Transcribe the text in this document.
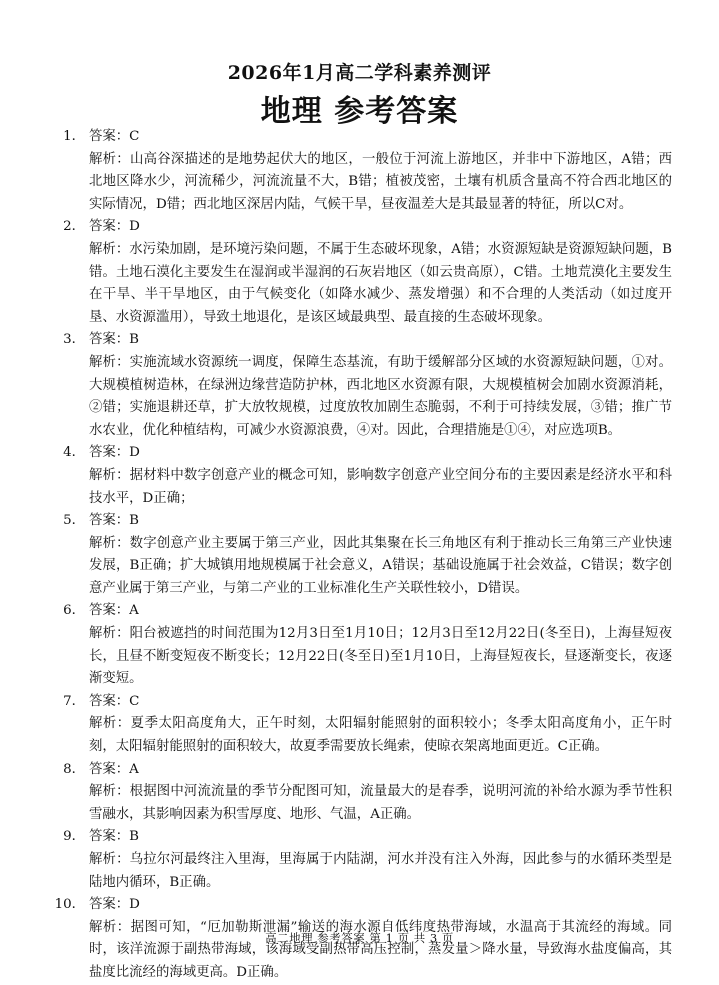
2026年1月高二学科素养测评
地理 参考答案
1． 答案：C
解析：山高谷深描述的是地势起伏大的地区，一般位于河流上游地区，并非中下游地区，A错；西北地区降水少，河流稀少，河流流量不大，B错；植被茂密，土壤有机质含量高不符合西北地区的实际情况，D错；西北地区深居内陆，气候干旱，昼夜温差大是其最显著的特征，所以C对。
2． 答案：D
解析：水污染加剧，是环境污染问题，不属于生态破坏现象，A错；水资源短缺是资源短缺问题，B错。土地石漠化主要发生在湿润或半湿润的石灰岩地区（如云贵高原），C错。土地荒漠化主要发生在干旱、半干旱地区，由于气候变化（如降水减少、蒸发增强）和不合理的人类活动（如过度开垦、水资源滥用），导致土地退化，是该区域最典型、最直接的生态破坏现象。
3． 答案：B
解析：实施流域水资源统一调度，保障生态基流，有助于缓解部分区域的水资源短缺问题，①对。大规模植树造林，在绿洲边缘营造防护林，西北地区水资源有限，大规模植树会加剧水资源消耗，②错；实施退耕还草，扩大放牧规模，过度放牧加剧生态脆弱，不利于可持续发展，③错；推广节水农业，优化种植结构，可减少水资源浪费，④对。因此，合理措施是①④，对应选项B。
4． 答案：D
解析：据材料中数字创意产业的概念可知，影响数字创意产业空间分布的主要因素是经济水平和科技水平，D正确；
5． 答案：B
解析：数字创意产业主要属于第三产业，因此其集聚在长三角地区有利于推动长三角第三产业快速发展，B正确；扩大城镇用地规模属于社会意义，A错误；基础设施属于社会效益，C错误；数字创意产业属于第三产业，与第二产业的工业标准化生产关联性较小，D错误。
6． 答案：A
解析：阳台被遮挡的时间范围为12月3日至1月10日；12月3日至12月22日(冬至日)，上海昼短夜长，且昼不断变短夜不断变长；12月22日(冬至日)至1月10日，上海昼短夜长，昼逐渐变长，夜逐渐变短。
7． 答案：C
解析：夏季太阳高度角大，正午时刻，太阳辐射能照射的面积较小；冬季太阳高度角小，正午时刻，太阳辐射能照射的面积较大，故夏季需要放长绳索，使晾衣架离地面更近。C正确。
8． 答案：A
解析：根据图中河流流量的季节分配图可知，流量最大的是春季，说明河流的补给水源为季节性积雪融水，其影响因素为积雪厚度、地形、气温，A正确。
9． 答案：B
解析：乌拉尔河最终注入里海，里海属于内陆湖，河水并没有注入外海，因此参与的水循环类型是陆地内循环，B正确。
10． 答案：D
解析：据图可知，“厄加勒斯泄漏”输送的海水源自低纬度热带海域，水温高于其流经的海域。同时，该洋流源于副热带海域，该海域受副热带高压控制，蒸发量＞降水量，导致海水盐度偏高，其盐度比流经的海域更高。D正确。
高二地理 参考答案 第 1 页 共 3 页
